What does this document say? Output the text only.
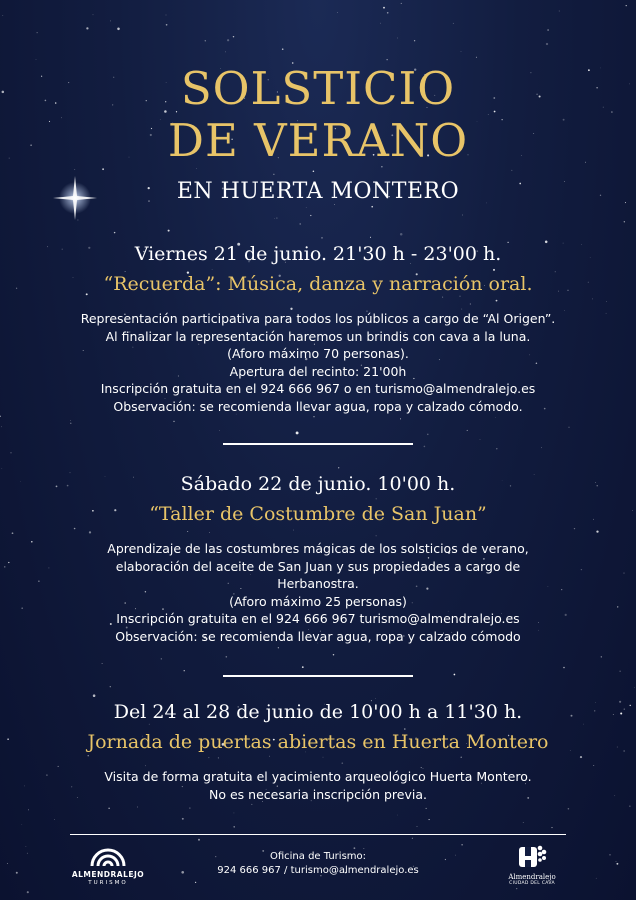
SOLSTICIO
DE VERANO
EN HUERTA MONTERO
Viernes 21 de junio. 21'30 h - 23'00 h.
“Recuerda”: Música, danza y narración oral.
Representación participativa para todos los públicos a cargo de “Al Origen”.
Al finalizar la representación haremos un brindis con cava a la luna.
(Aforo máximo 70 personas).
Apertura del recinto: 21'00h
Inscripción gratuita en el 924 666 967 o en turismo@almendralejo.es
Observación: se recomienda llevar agua, ropa y calzado cómodo.
Sábado 22 de junio. 10'00 h.
“Taller de Costumbre de San Juan”
Aprendizaje de las costumbres mágicas de los solsticios de verano,
elaboración del aceite de San Juan y sus propiedades a cargo de
Herbanostra.
(Aforo máximo 25 personas)
Inscripción gratuita en el 924 666 967 turismo@almendralejo.es
Observación: se recomienda llevar agua, ropa y calzado cómodo
Del 24 al 28 de junio de 10'00 h a 11'30 h.
Jornada de puertas abiertas en Huerta Montero
Visita de forma gratuita el yacimiento arqueológico Huerta Montero.
No es necesaria inscripción previa.
ALMENDRALEJO
TURISMO
Oficina de Turismo:
924 666 967 / turismo@almendralejo.es
Almendralejo
CIUDAD DEL CAVA
